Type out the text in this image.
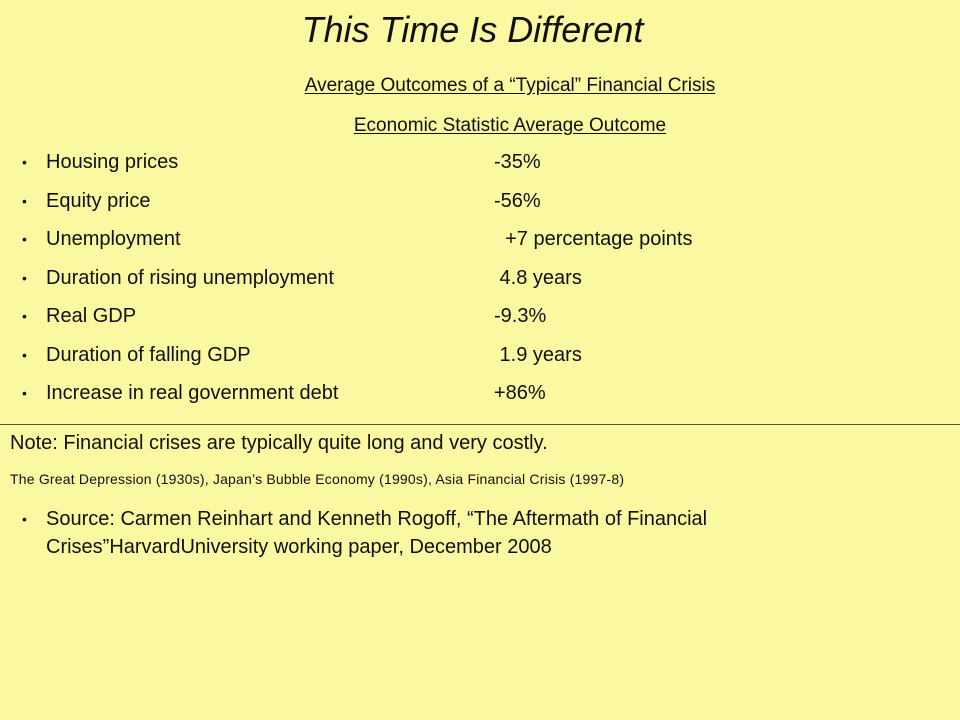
This Time Is Different
Average Outcomes of a “Typical” Financial Crisis
Economic Statistic Average Outcome
• Housing prices	-35%
• Equity price	-56%
• Unemployment	+7 percentage points
• Duration of rising unemployment	4.8 years
• Real GDP	-9.3%
• Duration of falling GDP	1.9 years
• Increase in real government debt	+86%
Note: Financial crises are typically quite long and very costly.
The Great Depression (1930s), Japan’s Bubble Economy (1990s), Asia Financial Crisis (1997-8)
• Source: Carmen Reinhart and Kenneth Rogoff, “The Aftermath of Financial Crises”HarvardUniversity working paper, December 2008
